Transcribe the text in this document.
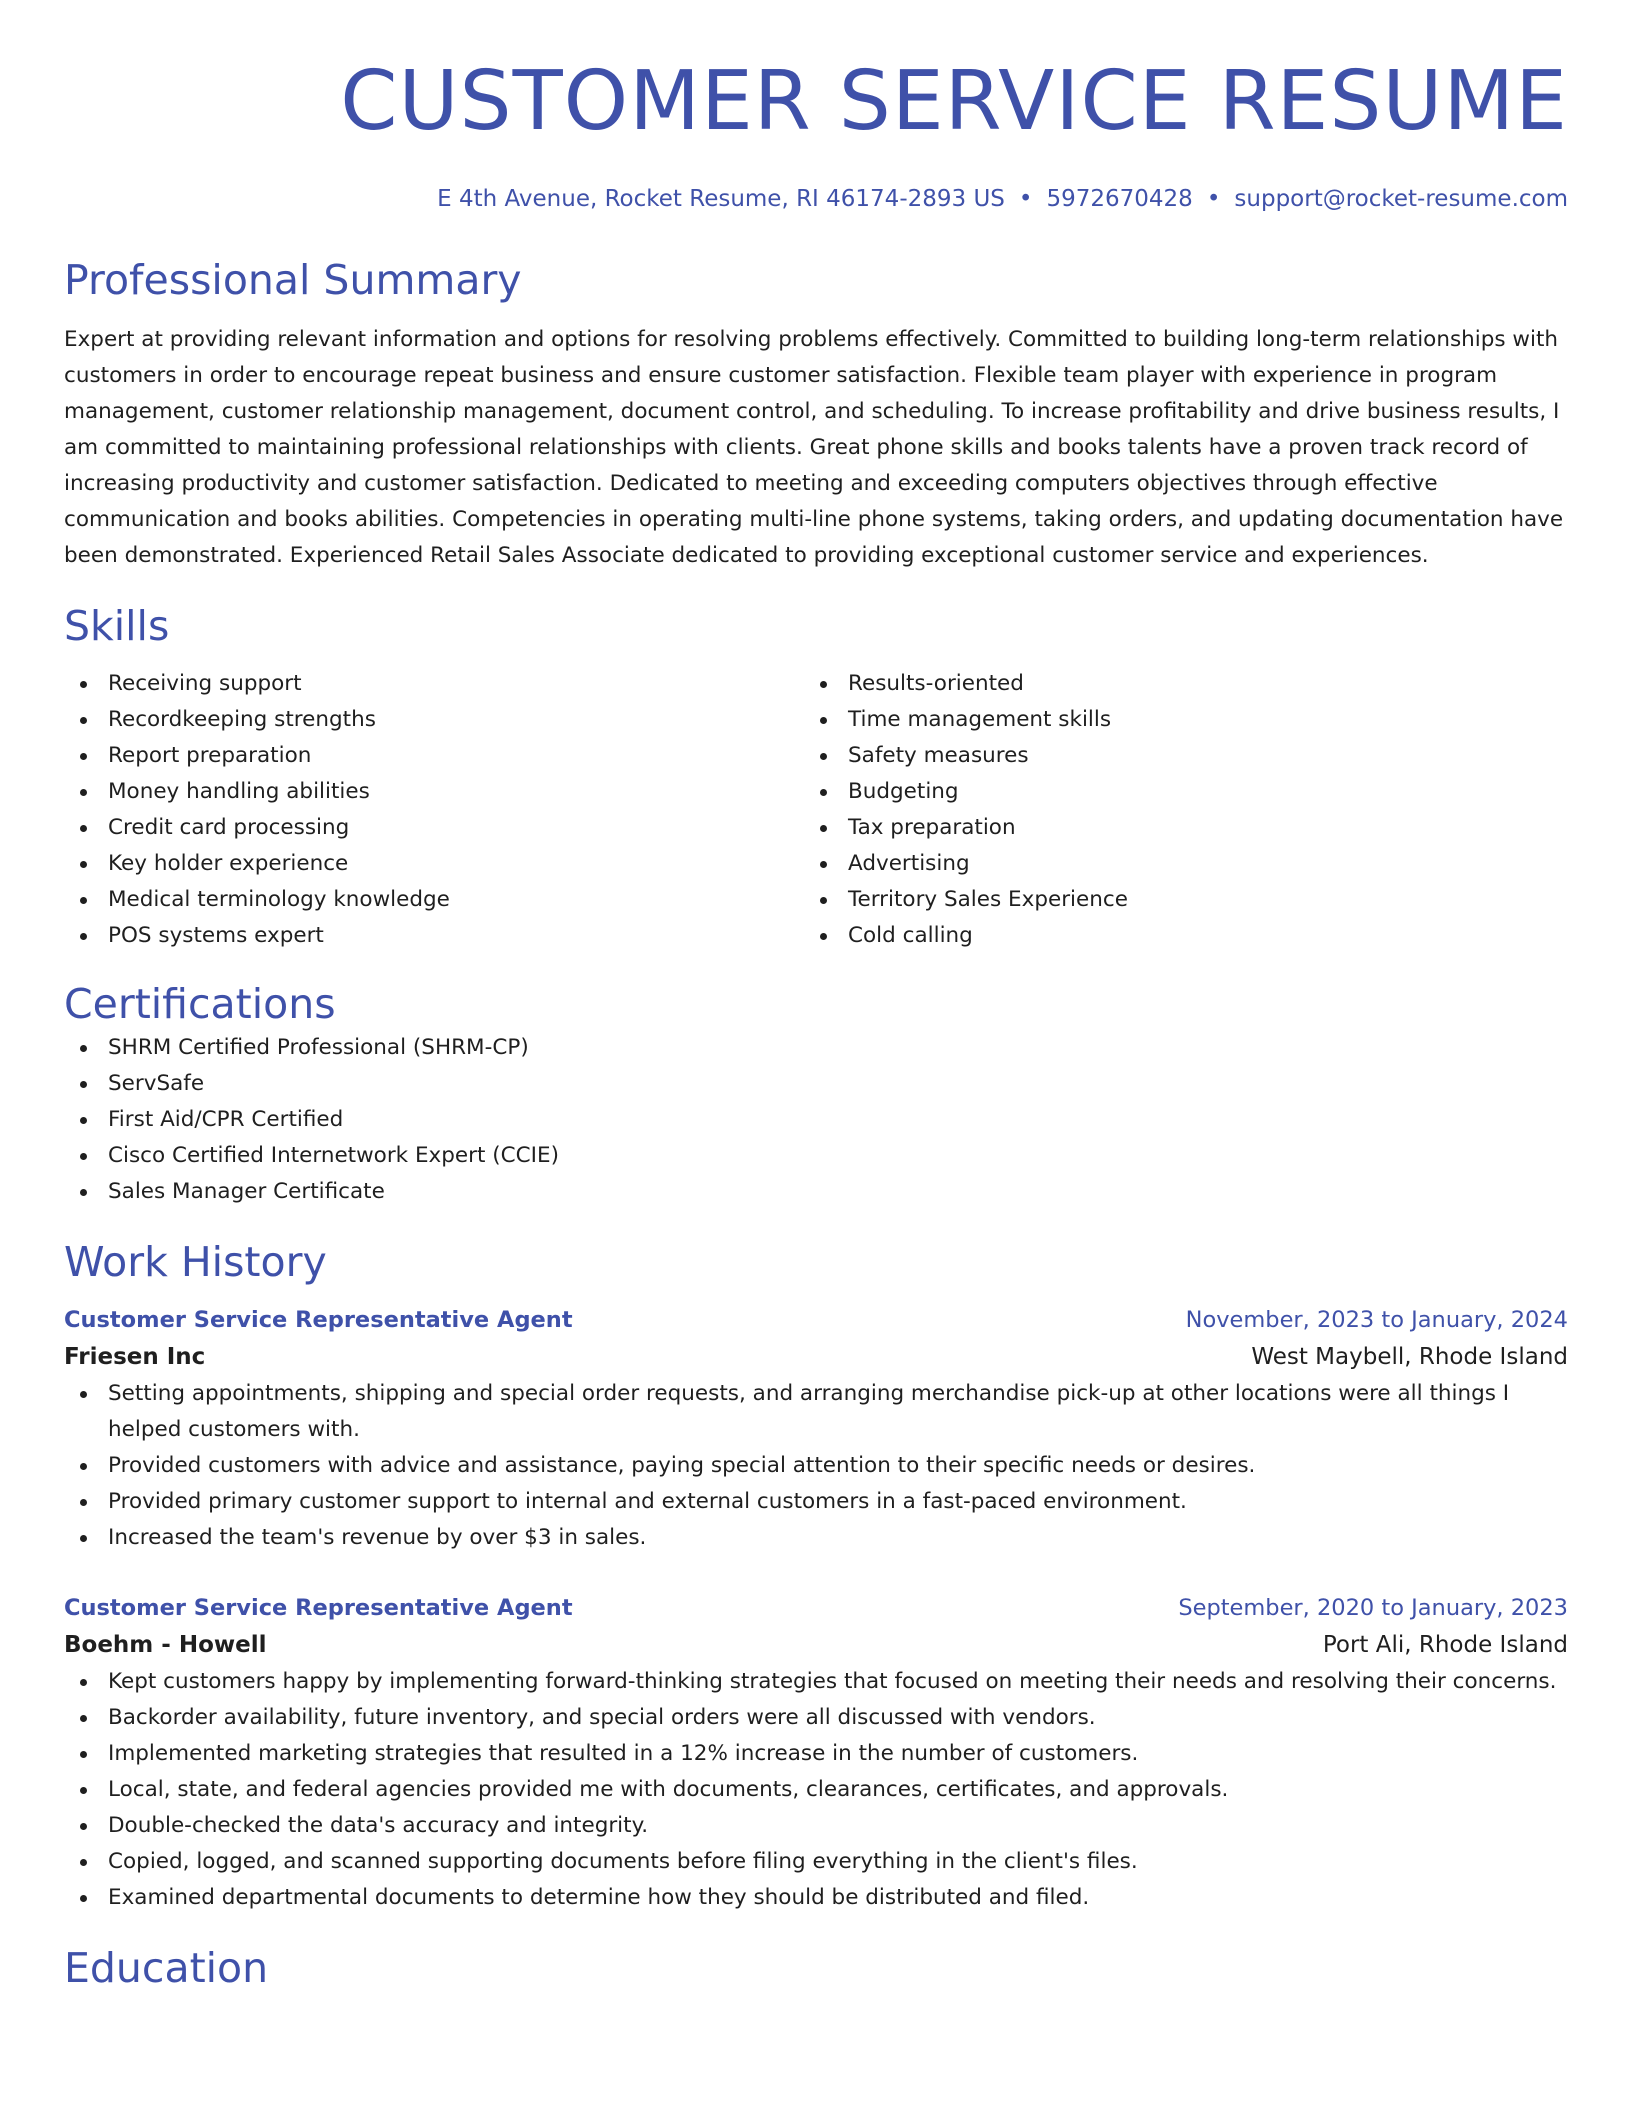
CUSTOMER SERVICE RESUME
E 4th Avenue, Rocket Resume, RI 46174-2893 US • 5972670428 • support@rocket-resume.com
Professional Summary
Expert at providing relevant information and options for resolving problems effectively. Committed to building long-term relationships with customers in order to encourage repeat business and ensure customer satisfaction. Flexible team player with experience in program management, customer relationship management, document control, and scheduling. To increase profitability and drive business results, I am committed to maintaining professional relationships with clients. Great phone skills and books talents have a proven track record of increasing productivity and customer satisfaction. Dedicated to meeting and exceeding computers objectives through effective communication and books abilities. Competencies in operating multi-line phone systems, taking orders, and updating documentation have been demonstrated. Experienced Retail Sales Associate dedicated to providing exceptional customer service and experiences.
Skills
Receiving support
Recordkeeping strengths
Report preparation
Money handling abilities
Credit card processing
Key holder experience
Medical terminology knowledge
POS systems expert
Results-oriented
Time management skills
Safety measures
Budgeting
Tax preparation
Advertising
Territory Sales Experience
Cold calling
Certifications
SHRM Certified Professional (SHRM-CP)
ServSafe
First Aid/CPR Certified
Cisco Certified Internetwork Expert (CCIE)
Sales Manager Certificate
Work History
Customer Service Representative Agent	November, 2023 to January, 2024
Friesen Inc	West Maybell, Rhode Island
Setting appointments, shipping and special order requests, and arranging merchandise pick-up at other locations were all things I helped customers with.
Provided customers with advice and assistance, paying special attention to their specific needs or desires.
Provided primary customer support to internal and external customers in a fast-paced environment.
Increased the team's revenue by over $3 in sales.
Customer Service Representative Agent	September, 2020 to January, 2023
Boehm - Howell	Port Ali, Rhode Island
Kept customers happy by implementing forward-thinking strategies that focused on meeting their needs and resolving their concerns.
Backorder availability, future inventory, and special orders were all discussed with vendors.
Implemented marketing strategies that resulted in a 12% increase in the number of customers.
Local, state, and federal agencies provided me with documents, clearances, certificates, and approvals.
Double-checked the data's accuracy and integrity.
Copied, logged, and scanned supporting documents before filing everything in the client's files.
Examined departmental documents to determine how they should be distributed and filed.
Education
